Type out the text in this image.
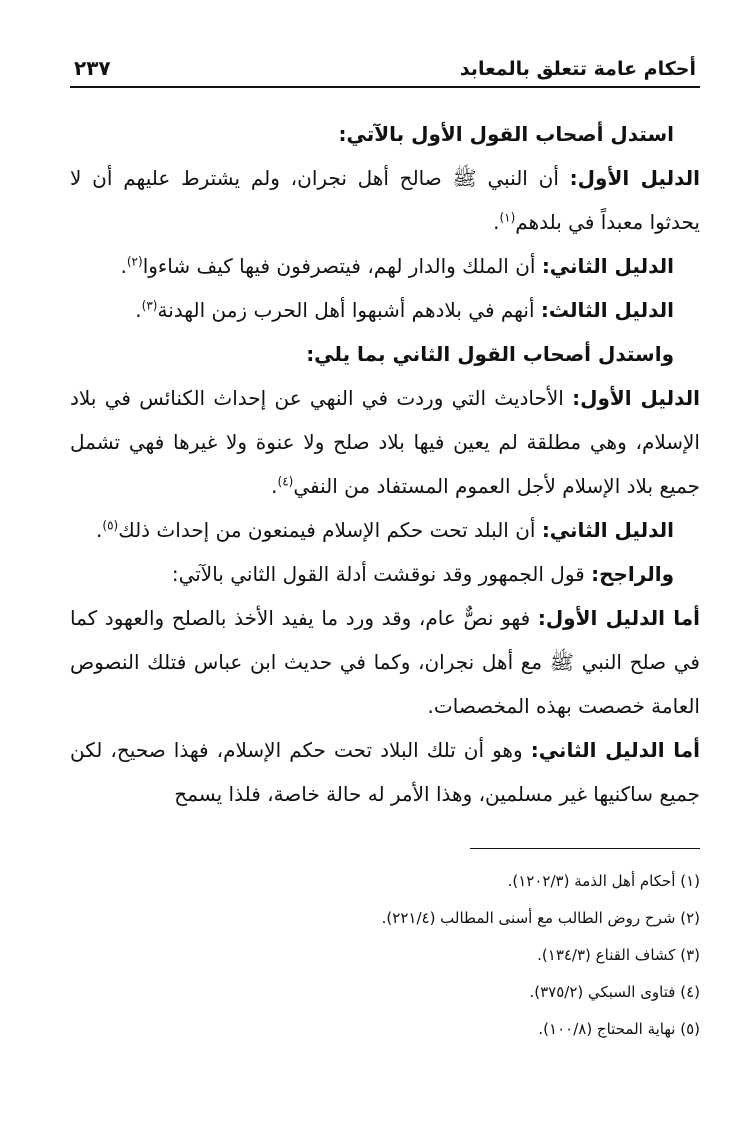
أحكام عامة تتعلق بالمعابد
٢٣٧

استدل أصحاب القول الأول بالآتي:

الدليل الأول: أن النبي ﷺ صالح أهل نجران، ولم يشترط عليهم أن لا يحدثوا معبداً في بلدهم$^{(١)}$.

الدليل الثاني: أن الملك والدار لهم، فيتصرفون فيها كيف شاءوا$^{(٢)}$.

الدليل الثالث: أنهم في بلادهم أشبهوا أهل الحرب زمن الهدنة$^{(٣)}$.

واستدل أصحاب القول الثاني بما يلي:

الدليل الأول: الأحاديث التي وردت في النهي عن إحداث الكنائس في بلاد الإسلام، وهي مطلقة لم يعين فيها بلاد صلح ولا عنوة ولا غيرها فهي تشمل جميع بلاد الإسلام لأجل العموم المستفاد من النفي$^{(٤)}$.

الدليل الثاني: أن البلد تحت حكم الإسلام فيمنعون من إحداث ذلك$^{(٥)}$.

والراجح: قول الجمهور وقد نوقشت أدلة القول الثاني بالآتي:

أما الدليل الأول: فهو نصٌّ عام، وقد ورد ما يفيد الأخذ بالصلح والعهود كما في صلح النبي ﷺ مع أهل نجران، وكما في حديث ابن عباس فتلك النصوص العامة خصصت بهذه المخصصات.

أما الدليل الثاني: وهو أن تلك البلاد تحت حكم الإسلام، فهذا صحيح، لكن جميع ساكنيها غير مسلمين، وهذا الأمر له حالة خاصة، فلذا يسمح

(١) أحكام أهل الذمة (١٢٠٢/٣).

(٢) شرح روض الطالب مع أسنى المطالب (٢٢١/٤).

(٣) كشاف القناع (١٣٤/٣).

(٤) فتاوى السبكي (٣٧٥/٢).

(٥) نهاية المحتاج (١٠٠/٨).
